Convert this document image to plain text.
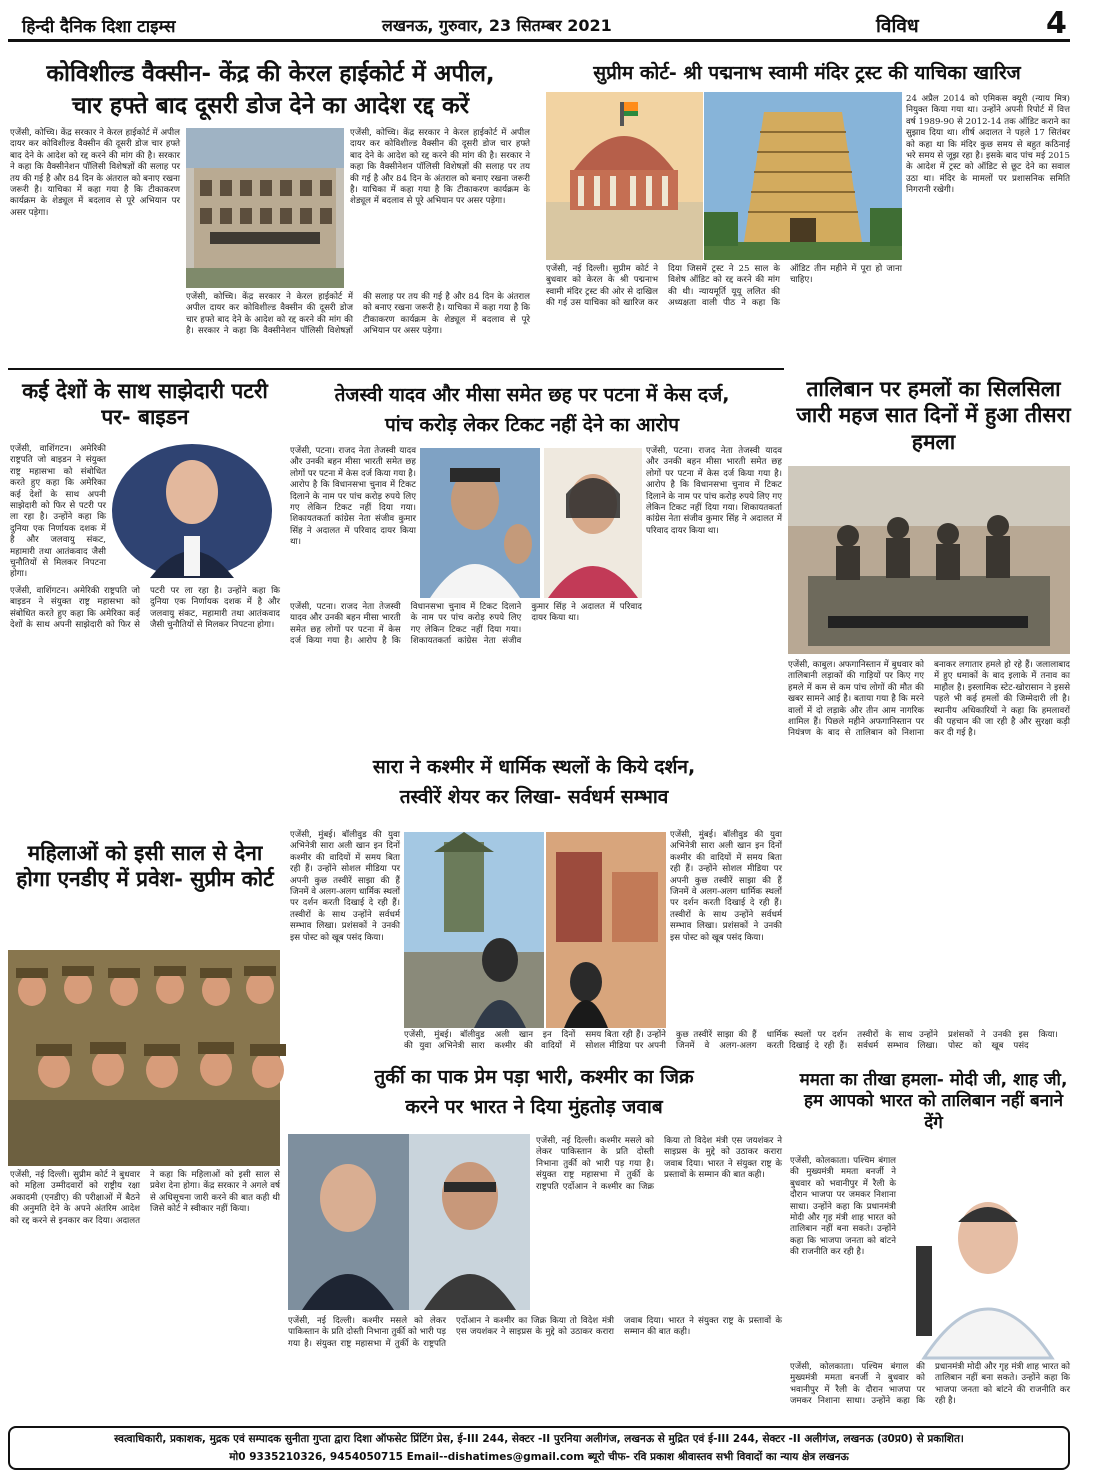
हिन्दी दैनिक दिशा टाइम्स	लखनऊ, गुरुवार, 23 सितम्बर 2021	विविध	4
कोविशील्ड वैक्सीन- केंद्र की केरल हाईकोर्ट में अपील,
चार हफ्ते बाद दूसरी डोज देने का आदेश रद्द करें
एजेंसी, कोच्चि। केंद्र सरकार ने केरल हाईकोर्ट में अपील दायर कर कोविशील्ड वैक्सीन की दूसरी डोज चार हफ्ते बाद देने के आदेश को रद्द करने की मांग की है। सरकार ने कहा कि वैक्सीनेशन पॉलिसी विशेषज्ञों की सलाह पर तय की गई है और 84 दिन के अंतराल को बनाए रखना जरूरी है। याचिका में कहा गया है कि टीकाकरण कार्यक्रम के शेड्यूल में बदलाव से पूरे अभियान पर असर पड़ेगा।
एजेंसी, कोच्चि। केंद्र सरकार ने केरल हाईकोर्ट में अपील दायर कर कोविशील्ड वैक्सीन की दूसरी डोज चार हफ्ते बाद देने के आदेश को रद्द करने की मांग की है। सरकार ने कहा कि वैक्सीनेशन पॉलिसी विशेषज्ञों की सलाह पर तय की गई है और 84 दिन के अंतराल को बनाए रखना जरूरी है। याचिका में कहा गया है कि टीकाकरण कार्यक्रम के शेड्यूल में बदलाव से पूरे अभियान पर असर पड़ेगा।
एजेंसी, कोच्चि। केंद्र सरकार ने केरल हाईकोर्ट में अपील दायर कर कोविशील्ड वैक्सीन की दूसरी डोज चार हफ्ते बाद देने के आदेश को रद्द करने की मांग की है। सरकार ने कहा कि वैक्सीनेशन पॉलिसी विशेषज्ञों की सलाह पर तय की गई है और 84 दिन के अंतराल को बनाए रखना जरूरी है। याचिका में कहा गया है कि टीकाकरण कार्यक्रम के शेड्यूल में बदलाव से पूरे अभियान पर असर पड़ेगा।
सुप्रीम कोर्ट- श्री पद्मनाभ स्वामी मंदिर ट्रस्ट की याचिका खारिज
एजेंसी, नई दिल्ली। सुप्रीम कोर्ट ने बुधवार को केरल के श्री पद्मनाभ स्वामी मंदिर ट्रस्ट की ओर से दाखिल की गई उस याचिका को खारिज कर दिया जिसमें ट्रस्ट ने 25 साल के विशेष ऑडिट को रद्द करने की मांग की थी। न्यायमूर्ति यूयू ललित की अध्यक्षता वाली पीठ ने कहा कि ऑडिट तीन महीने में पूरा हो जाना चाहिए।
24 अप्रैल 2014 को एमिकस क्यूरी (न्याय मित्र) नियुक्त किया गया था। उन्होंने अपनी रिपोर्ट में वित्त वर्ष 1989-90 से 2012-14 तक ऑडिट कराने का सुझाव दिया था। शीर्ष अदालत ने पहले 17 सितंबर को कहा था कि मंदिर कुछ समय से बहुत कठिनाई भरे समय से जूझ रहा है। इसके बाद पांच मई 2015 के आदेश में ट्रस्ट को ऑडिट से छूट देने का सवाल उठा था। मंदिर के मामलों पर प्रशासनिक समिति निगरानी रखेगी।
तालिबान पर हमलों का सिलसिला जारी महज सात दिनों में हुआ तीसरा हमला
एजेंसी, काबुल। अफगानिस्तान में बुधवार को तालिबानी लड़ाकों की गाड़ियों पर किए गए हमले में कम से कम पांच लोगों की मौत की खबर सामने आई है। बताया गया है कि मरने वालों में दो लड़ाके और तीन आम नागरिक शामिल हैं। पिछले महीने अफगानिस्तान पर नियंत्रण के बाद से तालिबान को निशाना बनाकर लगातार हमले हो रहे हैं। जलालाबाद में हुए धमाकों के बाद इलाके में तनाव का माहौल है। इस्लामिक स्टेट-खोरासान ने इससे पहले भी कई हमलों की जिम्मेदारी ली है। स्थानीय अधिकारियों ने कहा कि हमलावरों की पहचान की जा रही है और सुरक्षा कड़ी कर दी गई है।
कई देशों के साथ साझेदारी पटरी पर- बाइडन
एजेंसी, वाशिंगटन। अमेरिकी राष्ट्रपति जो बाइडन ने संयुक्त राष्ट्र महासभा को संबोधित करते हुए कहा कि अमेरिका कई देशों के साथ अपनी साझेदारी को फिर से पटरी पर ला रहा है। उन्होंने कहा कि दुनिया एक निर्णायक दशक में है और जलवायु संकट, महामारी तथा आतंकवाद जैसी चुनौतियों से मिलकर निपटना होगा।
एजेंसी, वाशिंगटन। अमेरिकी राष्ट्रपति जो बाइडन ने संयुक्त राष्ट्र महासभा को संबोधित करते हुए कहा कि अमेरिका कई देशों के साथ अपनी साझेदारी को फिर से पटरी पर ला रहा है। उन्होंने कहा कि दुनिया एक निर्णायक दशक में है और जलवायु संकट, महामारी तथा आतंकवाद जैसी चुनौतियों से मिलकर निपटना होगा।
तेजस्वी यादव और मीसा समेत छह पर पटना में केस दर्ज,
पांच करोड़ लेकर टिकट नहीं देने का आरोप
एजेंसी, पटना। राजद नेता तेजस्वी यादव और उनकी बहन मीसा भारती समेत छह लोगों पर पटना में केस दर्ज किया गया है। आरोप है कि विधानसभा चुनाव में टिकट दिलाने के नाम पर पांच करोड़ रुपये लिए गए लेकिन टिकट नहीं दिया गया। शिकायतकर्ता कांग्रेस नेता संजीव कुमार सिंह ने अदालत में परिवाद दायर किया था।
एजेंसी, पटना। राजद नेता तेजस्वी यादव और उनकी बहन मीसा भारती समेत छह लोगों पर पटना में केस दर्ज किया गया है। आरोप है कि विधानसभा चुनाव में टिकट दिलाने के नाम पर पांच करोड़ रुपये लिए गए लेकिन टिकट नहीं दिया गया। शिकायतकर्ता कांग्रेस नेता संजीव कुमार सिंह ने अदालत में परिवाद दायर किया था।
एजेंसी, पटना। राजद नेता तेजस्वी यादव और उनकी बहन मीसा भारती समेत छह लोगों पर पटना में केस दर्ज किया गया है। आरोप है कि विधानसभा चुनाव में टिकट दिलाने के नाम पर पांच करोड़ रुपये लिए गए लेकिन टिकट नहीं दिया गया। शिकायतकर्ता कांग्रेस नेता संजीव कुमार सिंह ने अदालत में परिवाद दायर किया था।
सारा ने कश्मीर में धार्मिक स्थलों के किये दर्शन,
तस्वीरें शेयर कर लिखा- सर्वधर्म सम्भाव
एजेंसी, मुंबई। बॉलीवुड की युवा अभिनेत्री सारा अली खान इन दिनों कश्मीर की वादियों में समय बिता रही हैं। उन्होंने सोशल मीडिया पर अपनी कुछ तस्वीरें साझा की हैं जिनमें वे अलग-अलग धार्मिक स्थलों पर दर्शन करती दिखाई दे रही हैं। तस्वीरों के साथ उन्होंने सर्वधर्म सम्भाव लिखा। प्रशंसकों ने उनकी इस पोस्ट को खूब पसंद किया।
एजेंसी, मुंबई। बॉलीवुड की युवा अभिनेत्री सारा अली खान इन दिनों कश्मीर की वादियों में समय बिता रही हैं। उन्होंने सोशल मीडिया पर अपनी कुछ तस्वीरें साझा की हैं जिनमें वे अलग-अलग धार्मिक स्थलों पर दर्शन करती दिखाई दे रही हैं। तस्वीरों के साथ उन्होंने सर्वधर्म सम्भाव लिखा। प्रशंसकों ने उनकी इस पोस्ट को खूब पसंद किया।
एजेंसी, मुंबई। बॉलीवुड की युवा अभिनेत्री सारा अली खान इन दिनों कश्मीर की वादियों में समय बिता रही हैं। उन्होंने सोशल मीडिया पर अपनी कुछ तस्वीरें साझा की हैं जिनमें वे अलग-अलग धार्मिक स्थलों पर दर्शन करती दिखाई दे रही हैं। तस्वीरों के साथ उन्होंने सर्वधर्म सम्भाव लिखा। प्रशंसकों ने उनकी इस पोस्ट को खूब पसंद किया।
महिलाओं को इसी साल से देना होगा एनडीए में प्रवेश- सुप्रीम कोर्ट
एजेंसी, नई दिल्ली। सुप्रीम कोर्ट ने बुधवार को महिला उम्मीदवारों को राष्ट्रीय रक्षा अकादमी (एनडीए) की परीक्षाओं में बैठने की अनुमति देने के अपने अंतरिम आदेश को रद्द करने से इनकार कर दिया। अदालत ने कहा कि महिलाओं को इसी साल से प्रवेश देना होगा। केंद्र सरकार ने अगले वर्ष से अधिसूचना जारी करने की बात कही थी जिसे कोर्ट ने स्वीकार नहीं किया।
तुर्की का पाक प्रेम पड़ा भारी, कश्मीर का जिक्र
करने पर भारत ने दिया मुंहतोड़ जवाब
एजेंसी, नई दिल्ली। कश्मीर मसले को लेकर पाकिस्तान के प्रति दोस्ती निभाना तुर्की को भारी पड़ गया है। संयुक्त राष्ट्र महासभा में तुर्की के राष्ट्रपति एर्दोआन ने कश्मीर का जिक्र किया तो विदेश मंत्री एस जयशंकर ने साइप्रस के मुद्दे को उठाकर करारा जवाब दिया। भारत ने संयुक्त राष्ट्र के प्रस्तावों के सम्मान की बात कही।
एजेंसी, नई दिल्ली। कश्मीर मसले को लेकर पाकिस्तान के प्रति दोस्ती निभाना तुर्की को भारी पड़ गया है। संयुक्त राष्ट्र महासभा में तुर्की के राष्ट्रपति एर्दोआन ने कश्मीर का जिक्र किया तो विदेश मंत्री एस जयशंकर ने साइप्रस के मुद्दे को उठाकर करारा जवाब दिया। भारत ने संयुक्त राष्ट्र के प्रस्तावों के सम्मान की बात कही।
ममता का तीखा हमला- मोदी जी, शाह जी, हम आपको भारत को तालिबान नहीं बनाने देंगे
एजेंसी, कोलकाता। पश्चिम बंगाल की मुख्यमंत्री ममता बनर्जी ने बुधवार को भवानीपुर में रैली के दौरान भाजपा पर जमकर निशाना साधा। उन्होंने कहा कि प्रधानमंत्री मोदी और गृह मंत्री शाह भारत को तालिबान नहीं बना सकते। उन्होंने कहा कि भाजपा जनता को बांटने की राजनीति कर रही है।
एजेंसी, कोलकाता। पश्चिम बंगाल की मुख्यमंत्री ममता बनर्जी ने बुधवार को भवानीपुर में रैली के दौरान भाजपा पर जमकर निशाना साधा। उन्होंने कहा कि प्रधानमंत्री मोदी और गृह मंत्री शाह भारत को तालिबान नहीं बना सकते। उन्होंने कहा कि भाजपा जनता को बांटने की राजनीति कर रही है।
स्वत्वाधिकारी, प्रकाशक, मुद्रक एवं सम्पादक सुनीता गुप्ता द्वारा दिशा ऑफसेट प्रिंटिंग प्रेस, ई-III 244, सेक्टर -II पुरनिया अलीगंज, लखनऊ से मुद्रित एवं ई-III 244, सेक्टर -II अलीगंज, लखनऊ (उ0प्र0) से प्रकाशित।
मो0 9335210326, 9454050715 Email--dishatimes@gmail.com ब्यूरो चीफ- रवि प्रकाश श्रीवास्तव सभी विवादों का न्याय क्षेत्र लखनऊ
